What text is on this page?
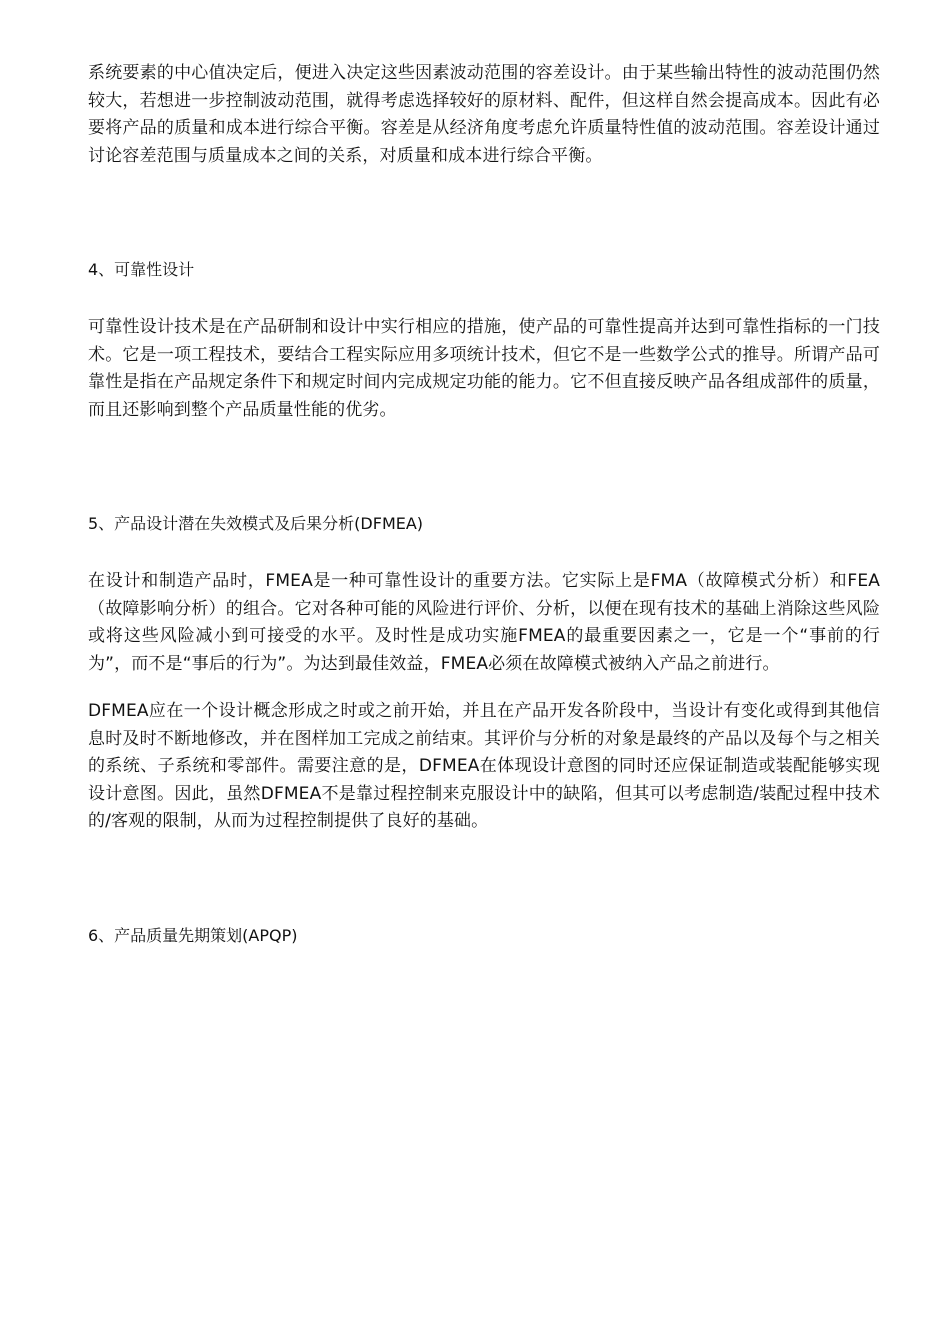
系统要素的中心值决定后，便进入决定这些因素波动范围的容差设计。由于某些输出特性的波动范围仍然较大，若想进一步控制波动范围，就得考虑选择较好的原材料、配件，但这样自然会提高成本。因此有必要将产品的质量和成本进行综合平衡。容差是从经济角度考虑允许质量特性值的波动范围。容差设计通过讨论容差范围与质量成本之间的关系，对质量和成本进行综合平衡。

4、可靠性设计

可靠性设计技术是在产品研制和设计中实行相应的措施，使产品的可靠性提高并达到可靠性指标的一门技术。它是一项工程技术，要结合工程实际应用多项统计技术，但它不是一些数学公式的推导。所谓产品可靠性是指在产品规定条件下和规定时间内完成规定功能的能力。它不但直接反映产品各组成部件的质量，而且还影响到整个产品质量性能的优劣。

5、产品设计潜在失效模式及后果分析(DFMEA)

在设计和制造产品时，FMEA是一种可靠性设计的重要方法。它实际上是FMA（故障模式分析）和FEA（故障影响分析）的组合。它对各种可能的风险进行评价、分析，以便在现有技术的基础上消除这些风险或将这些风险减小到可接受的水平。及时性是成功实施FMEA的最重要因素之一，它是一个“事前的行为”，而不是“事后的行为”。为达到最佳效益，FMEA必须在故障模式被纳入产品之前进行。

DFMEA应在一个设计概念形成之时或之前开始，并且在产品开发各阶段中，当设计有变化或得到其他信息时及时不断地修改，并在图样加工完成之前结束。其评价与分析的对象是最终的产品以及每个与之相关的系统、子系统和零部件。需要注意的是，DFMEA在体现设计意图的同时还应保证制造或装配能够实现设计意图。因此，虽然DFMEA不是靠过程控制来克服设计中的缺陷，但其可以考虑制造/装配过程中技术的/客观的限制，从而为过程控制提供了良好的基础。

6、产品质量先期策划(APQP)
